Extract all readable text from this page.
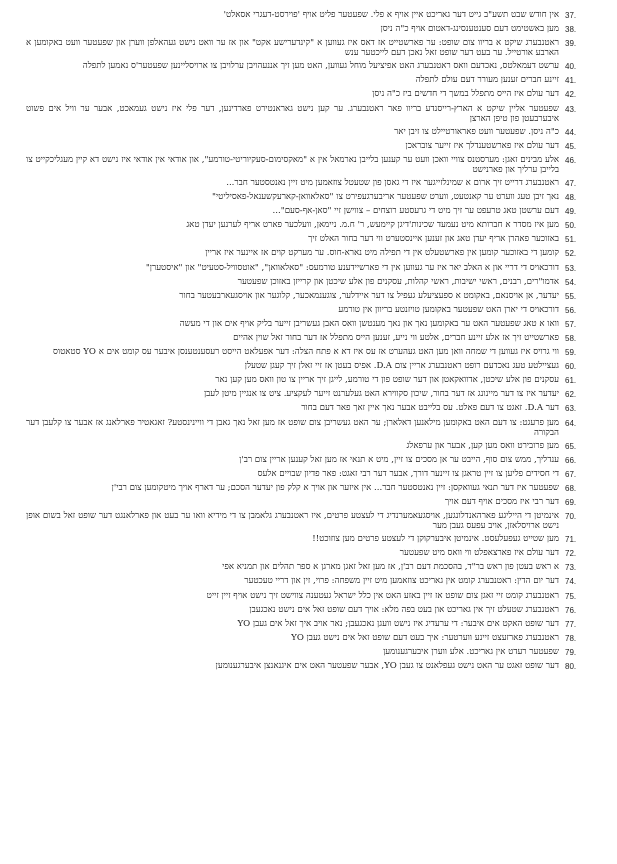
37.
אין חודש שבט תשע"ב גייט דער גאריכט איין אויף א פלי. שפעטער פליט אויף 'פוירסט-דעגרי אסאלט'
38.
מען באשטימט דעם סענטענסינג-דאטום אויף כ"ה ניסן
39.
ראטנבערג שיקט א בריוו צום שופט: ער פארשטייט אז דאס איז געווען א "קינדערישע אקט" און אז ער וואט נישט געהאלפן ווערן און שפעטער וועט באקומען א הארבע אורטייל. ער בעט דער שופט זאל נאכן דעם לייכטער ענש
40.
ערשט דעמאלטס, נאכדעם וואס ראטנבערג האט אפיציעל מוחל געווען, האט מען זיך אננעהויבן ערלויבן צו ארויסליינען שפעטער'ס נאמען לתפלה
41.
זיינע חברים זענען מעורר דעם עולם לתפלה
42.
דער עולם איז הייס מתפלל במשך די חדשים ביז כ"ה ניסן
43.
שפעטער אליין שיקט א הארץ-רייסנדע בריוו פאר ראטנבערג. ער קען נישט גאראנטירט פארדינען, דער פלי איז נישט געמאכט, אבער ער וויל אים פשוט איבערבעטן פון טיפן הארצן
44.
כ"ה ניסן. שפעטער וועט פאראורטיילט צו זיבן יאר
45.
דער עולם איז פארשטענדלך איז זייער צובראכן
46.
אלע מבינים זאגן: מערסטנס צוויי וואכן וועט ער קענען בלייבן נארמאל אין א "מאקסימום-סעקיוריטי-טורמע", און אודאי אין אודאי איז נישט דא קיין מעגליכקייט צו בלייבן ערליך און פארנישט
47.
ראטנבערג דרייט זיך ארום א שמינלזייגער איז די גאסן פון שטעטל צוזאמען מיט זיין נאנטסטער חבר...
48.
נאך זיבן טעג ווערט ער קאנטעט, ווערט שפעטער אריבערגעפירט צו "סאלאוואן-קארעקשענאל-פאסיליטי"
49.
דעם ערשטן טאג טרעפט ער זיך מיט די גרעסטע רוצחים – צווישן זיי "סאן-אף-סעם"...
50.
מען איז מסדר א חברותא מיט נעמעד שכינות'דיגן קיימעש, ר' ח.מ. ניימאן, וועלכער פארט אריף לערנען יעדן טאג
51.
באזוכער פאהרן אריף יעדן טאג און זענען איינסטערט ווי דער בחור האלט זיך
52.
קומען די באזוכער קומען אין פארשטעלט אין די תפילה מיט נארא-חוס. ער מערקט קוים אז איינער איז אריין
53.
דורכאויס די דריי און א האלב יאר איז ער געווען אין די פארשיידענע טורמעס: "סאלאוואן", "אוטסוויל-סטעיט" און "איסטערן"
54.
אדמו"רים, רבנים, ראשי ישיבות, ראשי קהלות, עסקנים פון אלע שיכטן און קרייזן באזוכן שפעטער
55.
יעדער, אן אויסנאם, באקומט א ספעציעלע געפיל צו דער איידלער, צוגענמאכער, קלוגער און אויסגעארבעטער בחור
56.
דורכאויס די יארן האט שפעטער באקומען טויזנטע בריוון אין טורמע
57.
וואו א טאג שפעטער האט ער באקומען נאך און נאך מענטשן וואס האבן געשריבן זייער בליק אויף אים און די מעשה
58.
פארשטייט זיך אז אלע זיינע חברים, אלטע ווי נייע, זענען הייס מתפלל אז דער בחור זאל שוין אהיים
59.
ווי גרויס איז געווען די שמחה וואן מען האט געהערט אז עס איז דא א פתח הצלה: דער אפעלאט הייסט רעסענטענסן איבער עס קומט אים א YO סטאטוס
60.
געציילטע טעג נאכדעם רופט ראטנבערג אריין צום D.A. אפיס בעטן אז זיי זאלן זיך קעגן שטעלן
61.
עסקנים פון אלע שיכטן, אדוואקאטן און דער שופט פון די טורמע, לייגן זיך אריין צו טון וואס מען קען נאר
62.
יעדער איז צו דער מיינונג אז דער בחור, שיכון סקווירא האט געלערנט זייער לעקציע. ציט צו אנגיין מיטן לעבן
63.
דער D.A. זאגט צו דעם פאלט. עס בלייבט אבער נאך איין זאך פאר דעם בחור
64.
מען פרעגט: צו דעם האט באקומען מילאנען דאלארן; ער האט געשריבן צום שופט אז מען זאל נאך גאבן די וויינינסטע? זאגאטיר פארלאנג אז אבער צו קלעבן דער הבקורה
65.
מען פרובירט וואס מען קען, אבער און ערפאלג
66.
ענדליך, ממש צום סוף, הייבט ער אן מסכים צו זיין, מיט א תנאי אז מען זאל קענען אריין צום רב'ן
67.
די חסידים פליען צו זיין טראגן צו זיינער דורך, אבער דער רבי זאגט: פאר פדיון שבויים אלעס
68.
שפעטער איז דער תנאי געוואקסן: זיין נאנטסטער חבר... אין איזער און אויך א קלק פון יעדער הסכם; ער דארף אויך מיטקומען צום רבי'ן
69.
דער רבי איז מסכים אויף דעם אויך
70.
אינמיטן די הייליגע פארהאנדלונגען, אויסגעאמערנדיג די לעצטע פרטים, איז ראטנבערג גלאמבן צו די מידיא וואו ער בעט און פארלאנגט דער שופט זאל בשום אופן נישט ארויסלאזן, אויב עפעס געבן מער
71.
מען שטייט געפעלעסט. אינמיטן איבערקוקן די לעצטע פרטים מען צוזוכט!!
72.
דער עולם איז פארצאפלט ווי וואס מיט שפעטער
73.
א ראש בעטן פון ראש בר"ד, בהסכמת דעם רב'ן, אז מען זאל זאגן מארגן א ספר תהלים און תמניא אפי
74.
דער יום הדין: ראטנבערג קומט אין גאריכט צוזאמען מיט זיין משפחה: פרוי, זין און דריי טעכטער
75.
ראטנבערג קומט זיי זאגן צום שופט אז זיין באזע האט אין כלל ישראל געטענה צווישט זיך נישט אויף זיין זייט
76.
ראטנבערג שטעלט זיך אין גאריכט און בעט בפה מלא: אויך דעם שופט זאל אים נישט נאכגעבן
77.
דער שופט האקט אים איבער: די ערעדיג איז נישט וועגן נאכגעבן; נאר אויב איך זאל אים געבן YO
78.
ראטנבערג פארזעצט זיינע ווערטער: איך בעט דעם שופט זאל אים נישט געבן YO
79.
שפעטער רעדט אין גאריכט. אלע ווערן איבערגענומען
80.
דער שופט זאגט ער האט נישט געפלאנט צו געבן YO, אבער שפעטער האט אים איגנאנצן איבערגענומען
